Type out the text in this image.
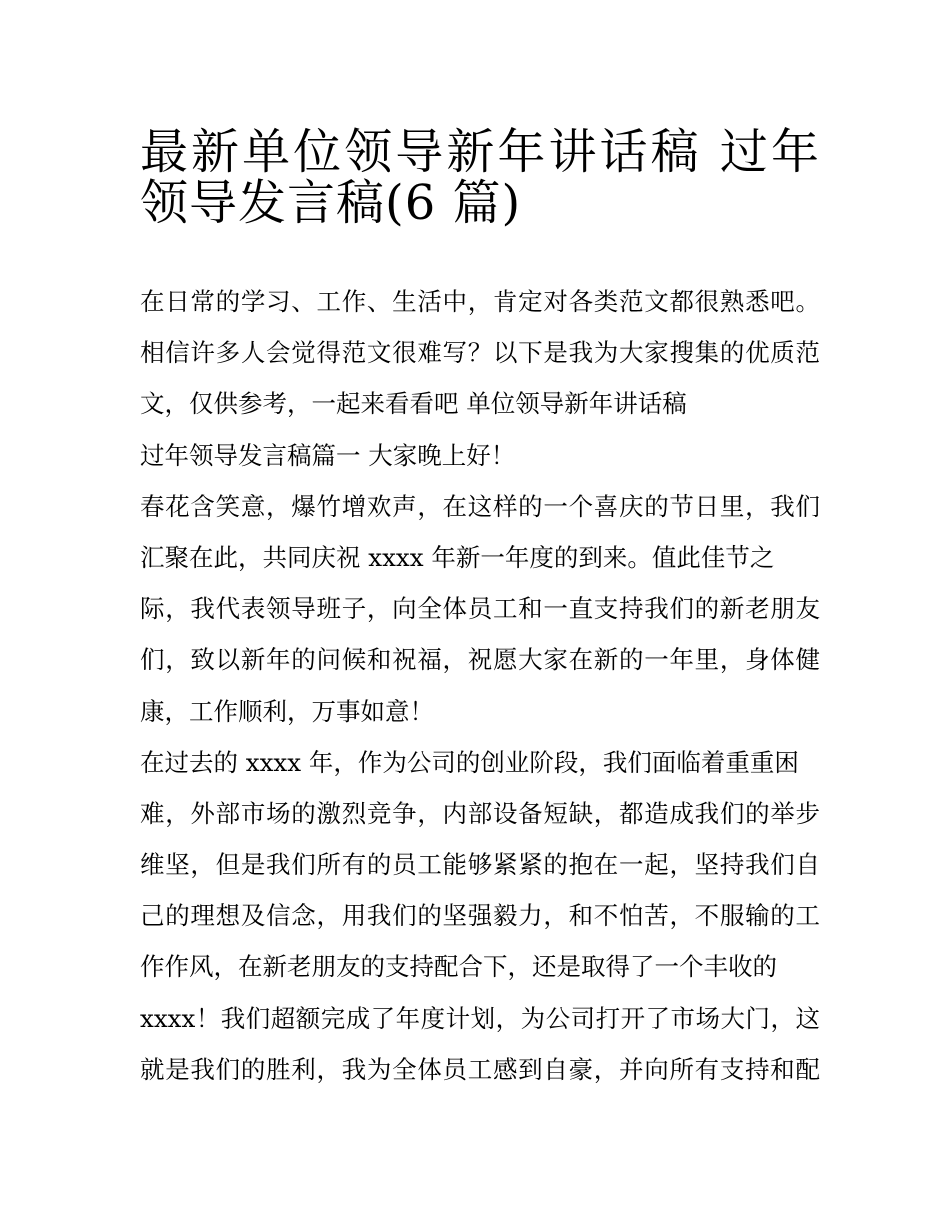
最新单位领导新年讲话稿 过年
领导发言稿(6 篇)
在日常的学习、工作、生活中，肯定对各类范文都很熟悉吧。
相信许多人会觉得范文很难写？以下是我为大家搜集的优质范
文，仅供参考，一起来看看吧 单位领导新年讲话稿
过年领导发言稿篇一 大家晚上好！
春花含笑意，爆竹增欢声，在这样的一个喜庆的节日里，我们
汇聚在此，共同庆祝 xxxx 年新一年度的到来。值此佳节之
际，我代表领导班子，向全体员工和一直支持我们的新老朋友
们，致以新年的问候和祝福，祝愿大家在新的一年里，身体健
康，工作顺利，万事如意！
在过去的 xxxx 年，作为公司的创业阶段，我们面临着重重困
难，外部市场的激烈竞争，内部设备短缺，都造成我们的举步
维坚，但是我们所有的员工能够紧紧的抱在一起，坚持我们自
己的理想及信念，用我们的坚强毅力，和不怕苦，不服输的工
作作风，在新老朋友的支持配合下，还是取得了一个丰收的
xxxx！我们超额完成了年度计划，为公司打开了市场大门，这
就是我们的胜利，我为全体员工感到自豪，并向所有支持和配
